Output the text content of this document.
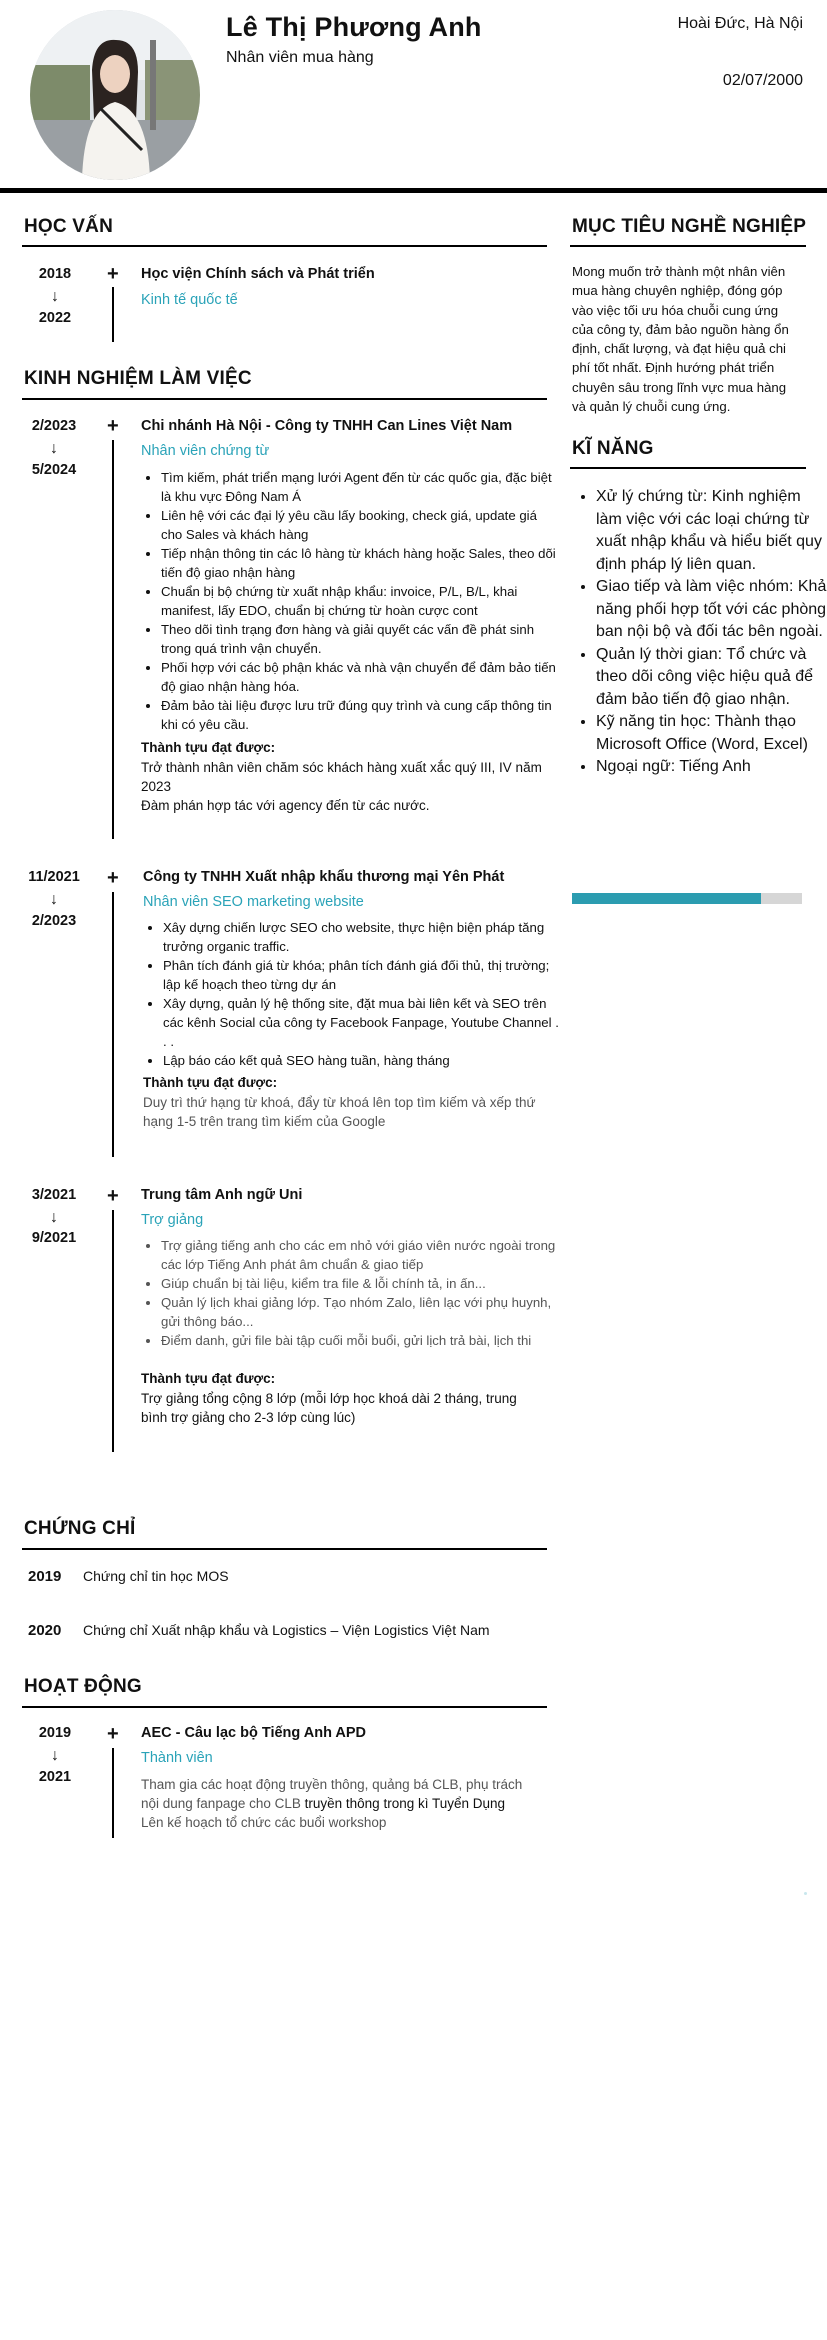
Lê Thị Phương Anh
Nhân viên mua hàng
Hoài Đức, Hà Nội
02/07/2000
HỌC VẤN
2018
↓
2022
+ Học viện Chính sách và Phát triển
Kinh tế quốc tế
KINH NGHIỆM LÀM VIỆC
2/2023
↓
5/2024
+ Chi nhánh Hà Nội - Công ty TNHH Can Lines Việt Nam
Nhân viên chứng từ
• Tìm kiếm, phát triển mạng lưới Agent đến từ các quốc gia, đặc biệt là khu vực Đông Nam Á
• Liên hệ với các đại lý yêu cầu lấy booking, check giá, update giá cho Sales và khách hàng
• Tiếp nhận thông tin các lô hàng từ khách hàng hoặc Sales, theo dõi tiến độ giao nhận hàng
• Chuẩn bị bộ chứng từ xuất nhập khẩu: invoice, P/L, B/L, khai manifest, lấy EDO, chuẩn bị chứng từ hoàn cược cont
• Theo dõi tình trạng đơn hàng và giải quyết các vấn đề phát sinh trong quá trình vận chuyển.
• Phối hợp với các bộ phận khác và nhà vận chuyển để đảm bảo tiến độ giao nhận hàng hóa.
• Đảm bảo tài liệu được lưu trữ đúng quy trình và cung cấp thông tin khi có yêu cầu.
Thành tựu đạt được:
Trở thành nhân viên chăm sóc khách hàng xuất xắc quý III, IV năm 2023
Đàm phán hợp tác với agency đến từ các nước.
11/2021
↓
2/2023
+ Công ty TNHH Xuất nhập khẩu thương mại Yên Phát
Nhân viên SEO marketing website
• Xây dựng chiến lược SEO cho website, thực hiện biện pháp tăng trưởng organic traffic.
• Phân tích đánh giá từ khóa; phân tích đánh giá đối thủ, thị trường; lập kế hoạch theo từng dự án
• Xây dựng, quản lý hệ thống site, đặt mua bài liên kết và SEO trên các kênh Social của công ty Facebook Fanpage, Youtube Channel . . .
• Lập báo cáo kết quả SEO hàng tuần, hàng tháng
Thành tựu đạt được:
Duy trì thứ hạng từ khoá, đẩy từ khoá lên top tìm kiếm và xếp thứ hạng 1-5 trên trang tìm kiếm của Google
3/2021
↓
9/2021
+ Trung tâm Anh ngữ Uni
Trợ giảng
• Trợ giảng tiếng anh cho các em nhỏ với giáo viên nước ngoài trong các lớp Tiếng Anh phát âm chuẩn & giao tiếp
• Giúp chuẩn bị tài liệu, kiểm tra file & lỗi chính tả, in ấn...
• Quản lý lịch khai giảng lớp. Tạo nhóm Zalo, liên lạc với phụ huynh, gửi thông báo...
• Điểm danh, gửi file bài tập cuối mỗi buổi, gửi lịch trả bài, lịch thi
Thành tựu đạt được:
Trợ giảng tổng cộng 8 lớp (mỗi lớp học khoá dài 2 tháng, trung bình trợ giảng cho 2-3 lớp cùng lúc)
CHỨNG CHỈ
2019 Chứng chỉ tin học MOS
2020 Chứng chỉ Xuất nhập khẩu và Logistics – Viện Logistics Việt Nam
HOẠT ĐỘNG
2019
↓
2021
+ AEC - Câu lạc bộ Tiếng Anh APD
Thành viên
Tham gia các hoạt động truyền thông, quảng bá CLB, phụ trách nội dung fanpage cho CLB truyền thông trong kì Tuyển Dụng
Lên kế hoạch tổ chức các buổi workshop
MỤC TIÊU NGHỀ NGHIỆP
Mong muốn trở thành một nhân viên mua hàng chuyên nghiệp, đóng góp vào việc tối ưu hóa chuỗi cung ứng của công ty, đảm bảo nguồn hàng ổn định, chất lượng, và đạt hiệu quả chi phí tốt nhất. Định hướng phát triển chuyên sâu trong lĩnh vực mua hàng và quản lý chuỗi cung ứng.
KĨ NĂNG
• Xử lý chứng từ: Kinh nghiệm làm việc với các loại chứng từ xuất nhập khẩu và hiểu biết quy định pháp lý liên quan.
• Giao tiếp và làm việc nhóm: Khả năng phối hợp tốt với các phòng ban nội bộ và đối tác bên ngoài.
• Quản lý thời gian: Tổ chức và theo dõi công việc hiệu quả để đảm bảo tiến độ giao nhận.
• Kỹ năng tin học: Thành thạo Microsoft Office (Word, Excel)
• Ngoại ngữ: Tiếng Anh
